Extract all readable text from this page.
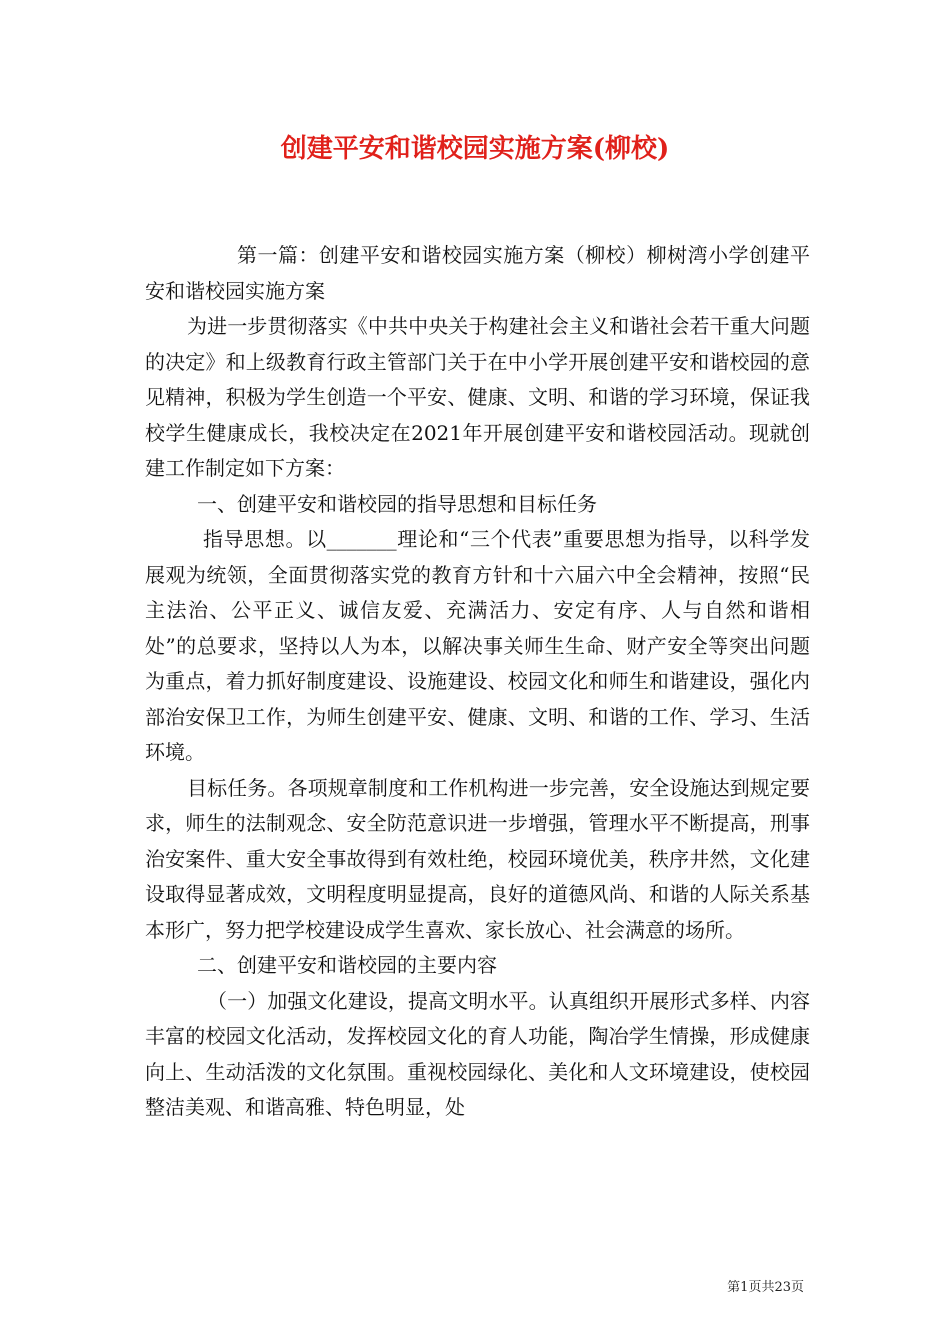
创建平安和谐校园实施方案(柳校)

第一篇：创建平安和谐校园实施方案（柳校）柳树湾小学创建平安和谐校园实施方案

为进一步贯彻落实《中共中央关于构建社会主义和谐社会若干重大问题的决定》和上级教育行政主管部门关于在中小学开展创建平安和谐校园的意见精神，积极为学生创造一个平安、健康、文明、和谐的学习环境，保证我校学生健康成长，我校决定在2021年开展创建平安和谐校园活动。现就创建工作制定如下方案：

一、创建平安和谐校园的指导思想和目标任务

指导思想。以_______理论和“三个代表”重要思想为指导，以科学发展观为统领，全面贯彻落实党的教育方针和十六届六中全会精神，按照“民主法治、公平正义、诚信友爱、充满活力、安定有序、人与自然和谐相处”的总要求，坚持以人为本，以解决事关师生生命、财产安全等突出问题为重点，着力抓好制度建设、设施建设、校园文化和师生和谐建设，强化内部治安保卫工作，为师生创建平安、健康、文明、和谐的工作、学习、生活环境。

目标任务。各项规章制度和工作机构进一步完善，安全设施达到规定要求，师生的法制观念、安全防范意识进一步增强，管理水平不断提高，刑事治安案件、重大安全事故得到有效杜绝，校园环境优美，秩序井然，文化建设取得显著成效，文明程度明显提高，良好的道德风尚、和谐的人际关系基本形广，努力把学校建设成学生喜欢、家长放心、社会满意的场所。

二、创建平安和谐校园的主要内容

（一）加强文化建设，提高文明水平。认真组织开展形式多样、内容丰富的校园文化活动，发挥校园文化的育人功能，陶冶学生情操，形成健康向上、生动活泼的文化氛围。重视校园绿化、美化和人文环境建设，使校园整洁美观、和谐高雅、特色明显，处

第1页共23页
